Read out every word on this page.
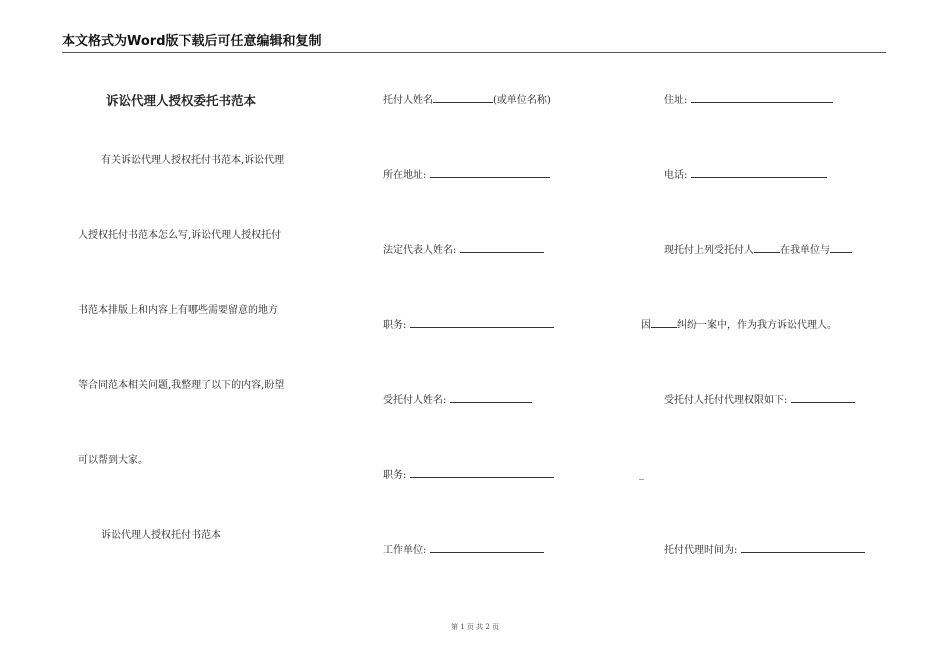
本文格式为Word版下载后可任意编辑和复制
诉讼代理人授权委托书范本
有关诉讼代理人授权托付书范本,诉讼代理
人授权托付书范本怎么写,诉讼代理人授权托付
书范本排版上和内容上有哪些需要留意的地方
等合同范本相关问题,我整理了以下的内容,盼望
可以帮到大家。
诉讼代理人授权托付书范本
托付人姓名	(或单位名称)
所在地址:
法定代表人姓名:
职务:
受托付人姓名:
职务:
工作单位:
住址:
电话:
现托付上列受托付人	在我单位与
因	纠纷一案中，作为我方诉讼代理人。
受托付人托付代理权限如下:
_
托付代理时间为:
第 1 页 共 2 页
